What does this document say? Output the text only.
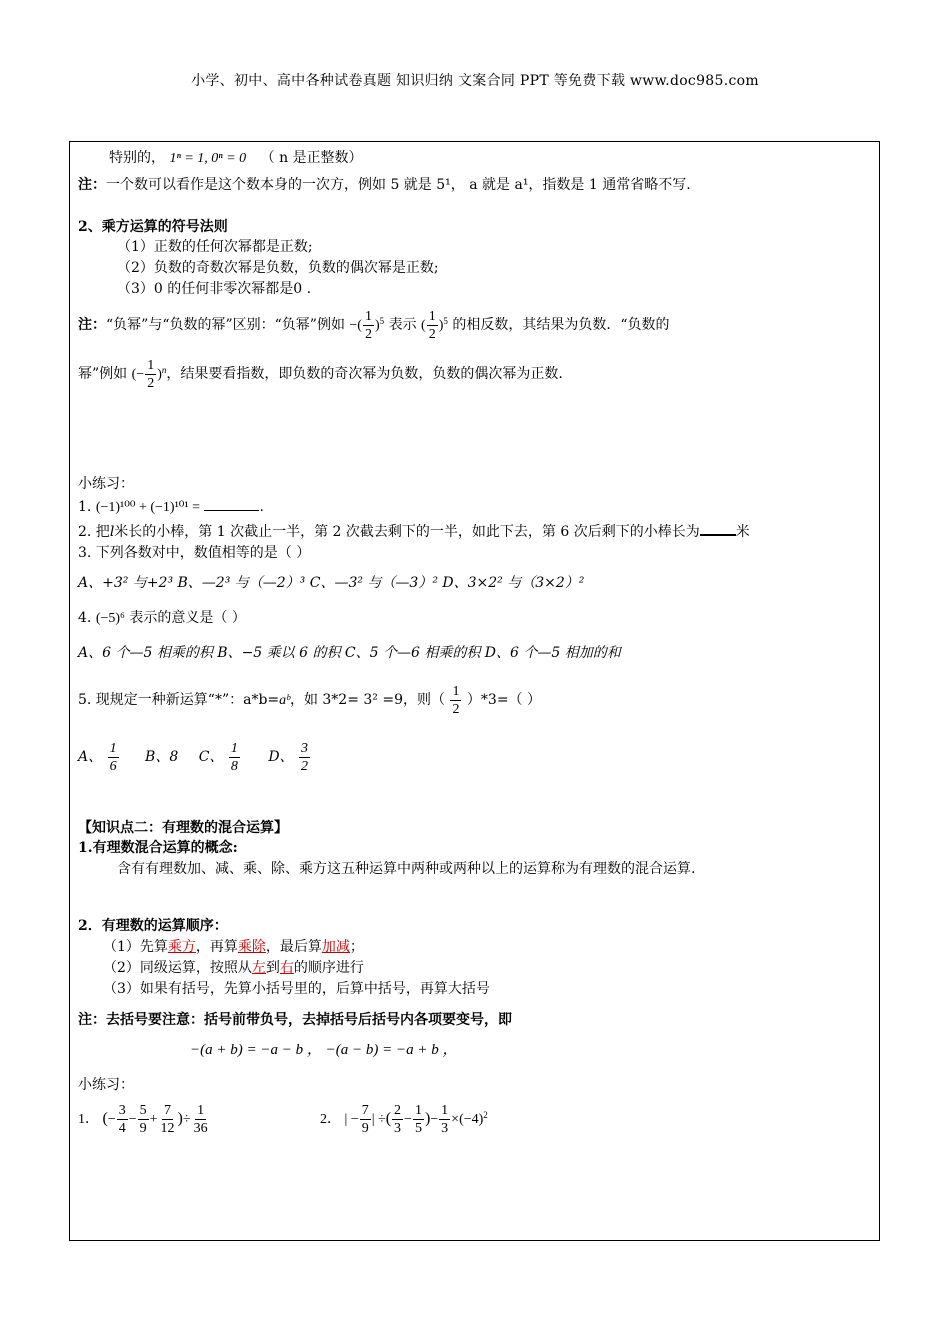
小学、初中、高中各种试卷真题 知识归纳 文案合同 PPT 等免费下载 www.doc985.com
特别的， 1ⁿ = 1, 0ⁿ = 0 （ n 是正整数）
注：一个数可以看作是这个数本身的一次方，例如 5 就是 5¹， a 就是 a¹，指数是 1 通常省略不写.
2、乘方运算的符号法则
（1）正数的任何次幂都是正数;
（2）负数的奇数次幂是负数，负数的偶次幂是正数;
（3）0 的任何非零次幂都是0 .
注：“负幂”与“负数的幂”区别：“负幂”例如 −( $\frac{1}{2} )^5$ 表示 ( $\frac{1}{2} )^5$ 的相反数，其结果为负数．“负数的
幂”例如 (− $\frac{1}{2} )^n$，结果要看指数，即负数的奇次幂为负数，负数的偶次幂为正数.
小练习：
1. (−1)¹⁰⁰ + (−1)¹⁰¹ =	.
2. 把l米长的小棒，第 1 次截止一半，第 2 次截去剩下的一半，如此下去，第 6 次后剩下的小棒长为	米
3. 下列各数对中，数值相等的是（ ）
A、+3² 与+2³ B、—2³ 与（—2）³ C、—3² 与（—3）² D、3×2² 与（3×2）²
4. (−5)⁶ 表示的意义是（ ）
A、6 个—5 相乘的积 B、−5 乘以 6 的积 C、5 个—6 相乘的积 D、6 个—5 相加的和
5. 现规定一种新运算“*”：a*b=aᵇ，如 3*2= 3² =9，则（ $\frac{1}{2} )*3=$（ ）
A、 $\frac{1}{6}$ B、8 C、 $\frac{1}{8}$ D、 $\frac{3}{2}$
【知识点二：有理数的混合运算】
1.有理数混合运算的概念:
含有有理数加、减、乘、除、乘方这五种运算中两种或两种以上的运算称为有理数的混合运算.
2．有理数的运算顺序：
（1）先算乘方，再算乘除，最后算加减；
（2）同级运算，按照从左到右的顺序进行
（3）如果有括号，先算小括号里的，后算中括号，再算大括号
注：去括号要注意：括号前带负号，去掉括号后括号内各项要变号，即
−(a + b) = −a − b ， −(a − b) = −a + b ，
小练习：
1． (− $\frac{3}{4} - \frac{5}{9} + \frac{7}{12}$ )÷ $\frac{1}{36}$	2． | − $\frac{7}{9}$ | ÷( $\frac{2}{3} - \frac{1}{5}$ )− $\frac{1}{3} \times(-4)^2$
